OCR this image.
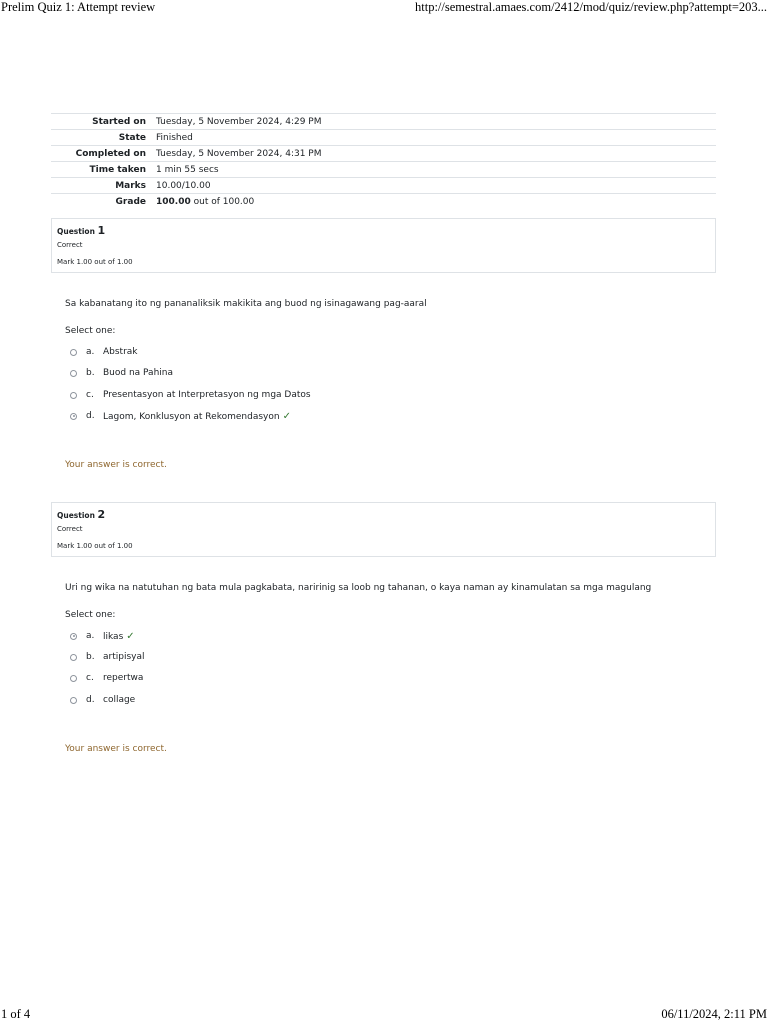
Prelim Quiz 1: Attempt review	http://semestral.amaes.com/2412/mod/quiz/review.php?attempt=203...
Started on	Tuesday, 5 November 2024, 4:29 PM
State	Finished
Completed on	Tuesday, 5 November 2024, 4:31 PM
Time taken	1 min 55 secs
Marks	10.00/10.00
Grade	100.00 out of 100.00
Question 1
Correct
Mark 1.00 out of 1.00
Sa kabanatang ito ng pananaliksik makikita ang buod ng isinagawang pag-aaral
Select one:
a. Abstrak
b. Buod na Pahina
c. Presentasyon at Interpretasyon ng mga Datos
d. Lagom, Konklusyon at Rekomendasyon ✓
Your answer is correct.
Question 2
Correct
Mark 1.00 out of 1.00
Uri ng wika na natutuhan ng bata mula pagkabata, naririnig sa loob ng tahanan, o kaya naman ay kinamulatan sa mga magulang
Select one:
a. likas ✓
b. artipisyal
c. repertwa
d. collage
Your answer is correct.
1 of 4	06/11/2024, 2:11 PM
